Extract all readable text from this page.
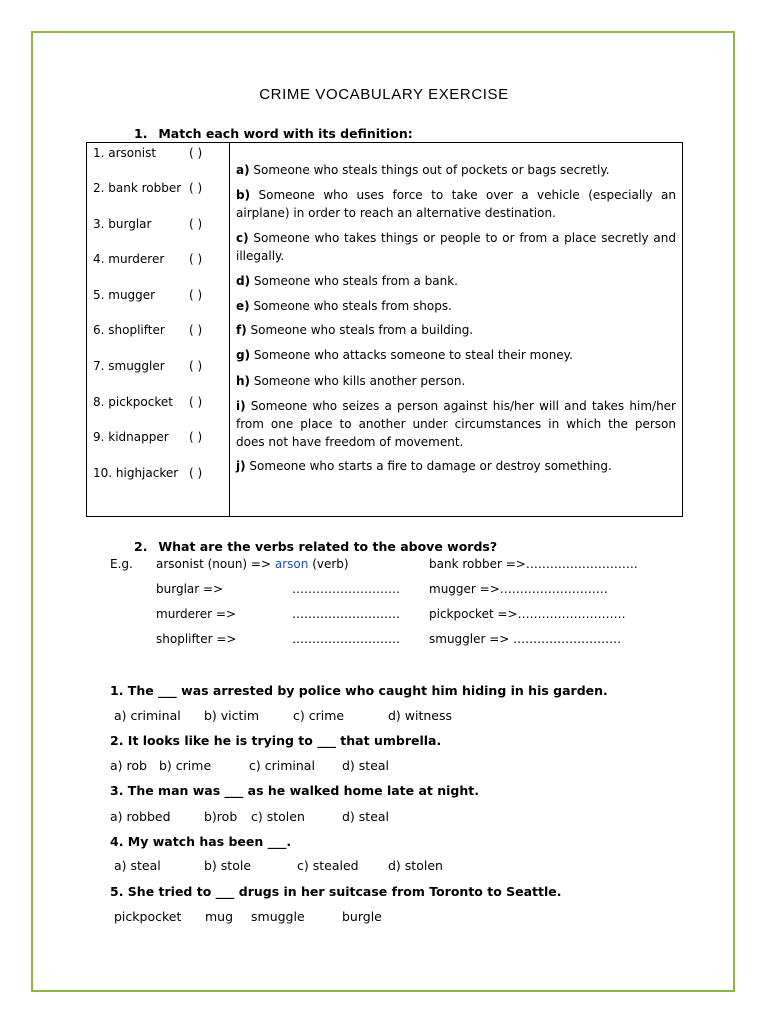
CRIME VOCABULARY EXERCISE
1. Match each word with its definition:
1. arsonist	( )
2. bank robber ( )
3. burglar	( )
4. murderer ( )
5. mugger	( )
6. shoplifter ( )
7. smuggler ( )
8. pickpocket ( )
9. kidnapper ( )
10. highjacker ( )
a) Someone who steals things out of pockets or bags secretly.
b) Someone who uses force to take over a vehicle (especially an airplane) in order to reach an alternative destination.
c) Someone who takes things or people to or from a place secretly and illegally.
d) Someone who steals from a bank.
e) Someone who steals from shops.
f) Someone who steals from a building.
g) Someone who attacks someone to steal their money.
h) Someone who kills another person.
i) Someone who seizes a person against his/her will and takes him/her from one place to another under circumstances in which the person does not have freedom of movement.
j) Someone who starts a fire to damage or destroy something.
2. What are the verbs related to the above words?
E.g. arsonist (noun) => arson (verb)	bank robber =>……………………….
burglar =>	……………………… mugger =>………………………
murderer =>	……………………… pickpocket =>………………………
shoplifter =>	……………………… smuggler => ………………………
1. The ___ was arrested by police who caught him hiding in his garden.
a) criminal b) victim	c) crime	d) witness
2. It looks like he is trying to ___ that umbrella.
a) rob b) crime	c) criminal d) steal
3. The man was ___ as he walked home late at night.
a) robbed	b)rob c) stolen	d) steal
4. My watch has been ___.
a) steal	b) stole	c) stealed d) stolen
5. She tried to ___ drugs in her suitcase from Toronto to Seattle.
pickpocket mug smuggle	burgle
